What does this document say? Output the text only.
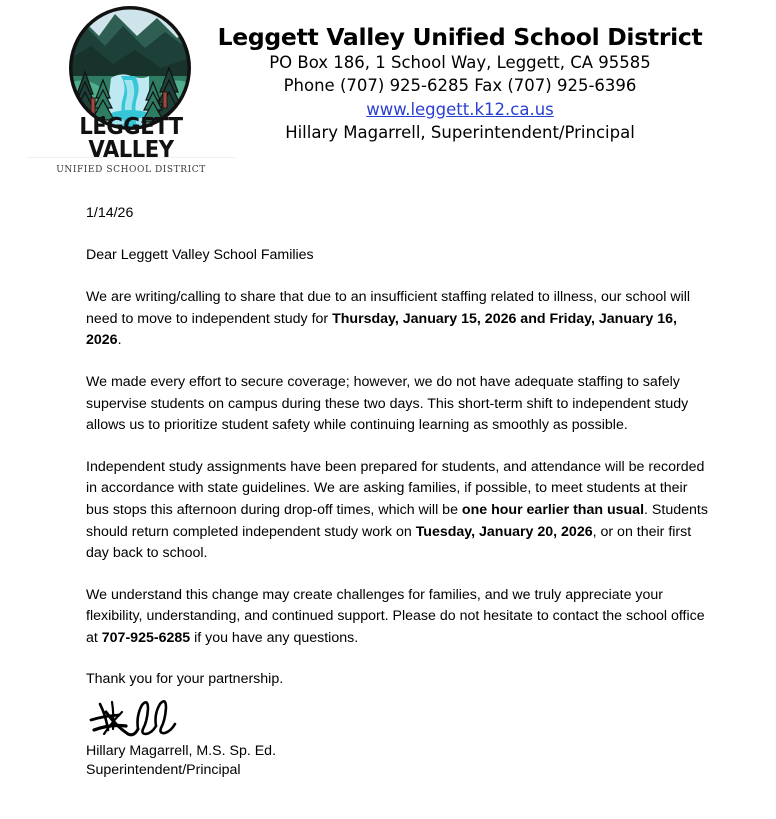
LEGGETT VALLEY
UNIFIED SCHOOL DISTRICT
Leggett Valley Unified School District
PO Box 186, 1 School Way, Leggett, CA 95585
Phone (707) 925-6285 Fax (707) 925-6396
www.leggett.k12.ca.us
Hillary Magarrell, Superintendent/Principal
1/14/26
Dear Leggett Valley School Families

We are writing/calling to share that due to an insufficient staffing related to illness, our school will need to move to independent study for Thursday, January 15, 2026 and Friday, January 16, 2026.

We made every effort to secure coverage; however, we do not have adequate staffing to safely supervise students on campus during these two days. This short-term shift to independent study allows us to prioritize student safety while continuing learning as smoothly as possible.

Independent study assignments have been prepared for students, and attendance will be recorded in accordance with state guidelines. We are asking families, if possible, to meet students at their bus stops this afternoon during drop-off times, which will be one hour earlier than usual. Students should return completed independent study work on Tuesday, January 20, 2026, or on their first day back to school.

We understand this change may create challenges for families, and we truly appreciate your flexibility, understanding, and continued support. Please do not hesitate to contact the school office at 707-925-6285 if you have any questions.

Thank you for your partnership.
Hillary Magarrell, M.S. Sp. Ed.
Superintendent/Principal
